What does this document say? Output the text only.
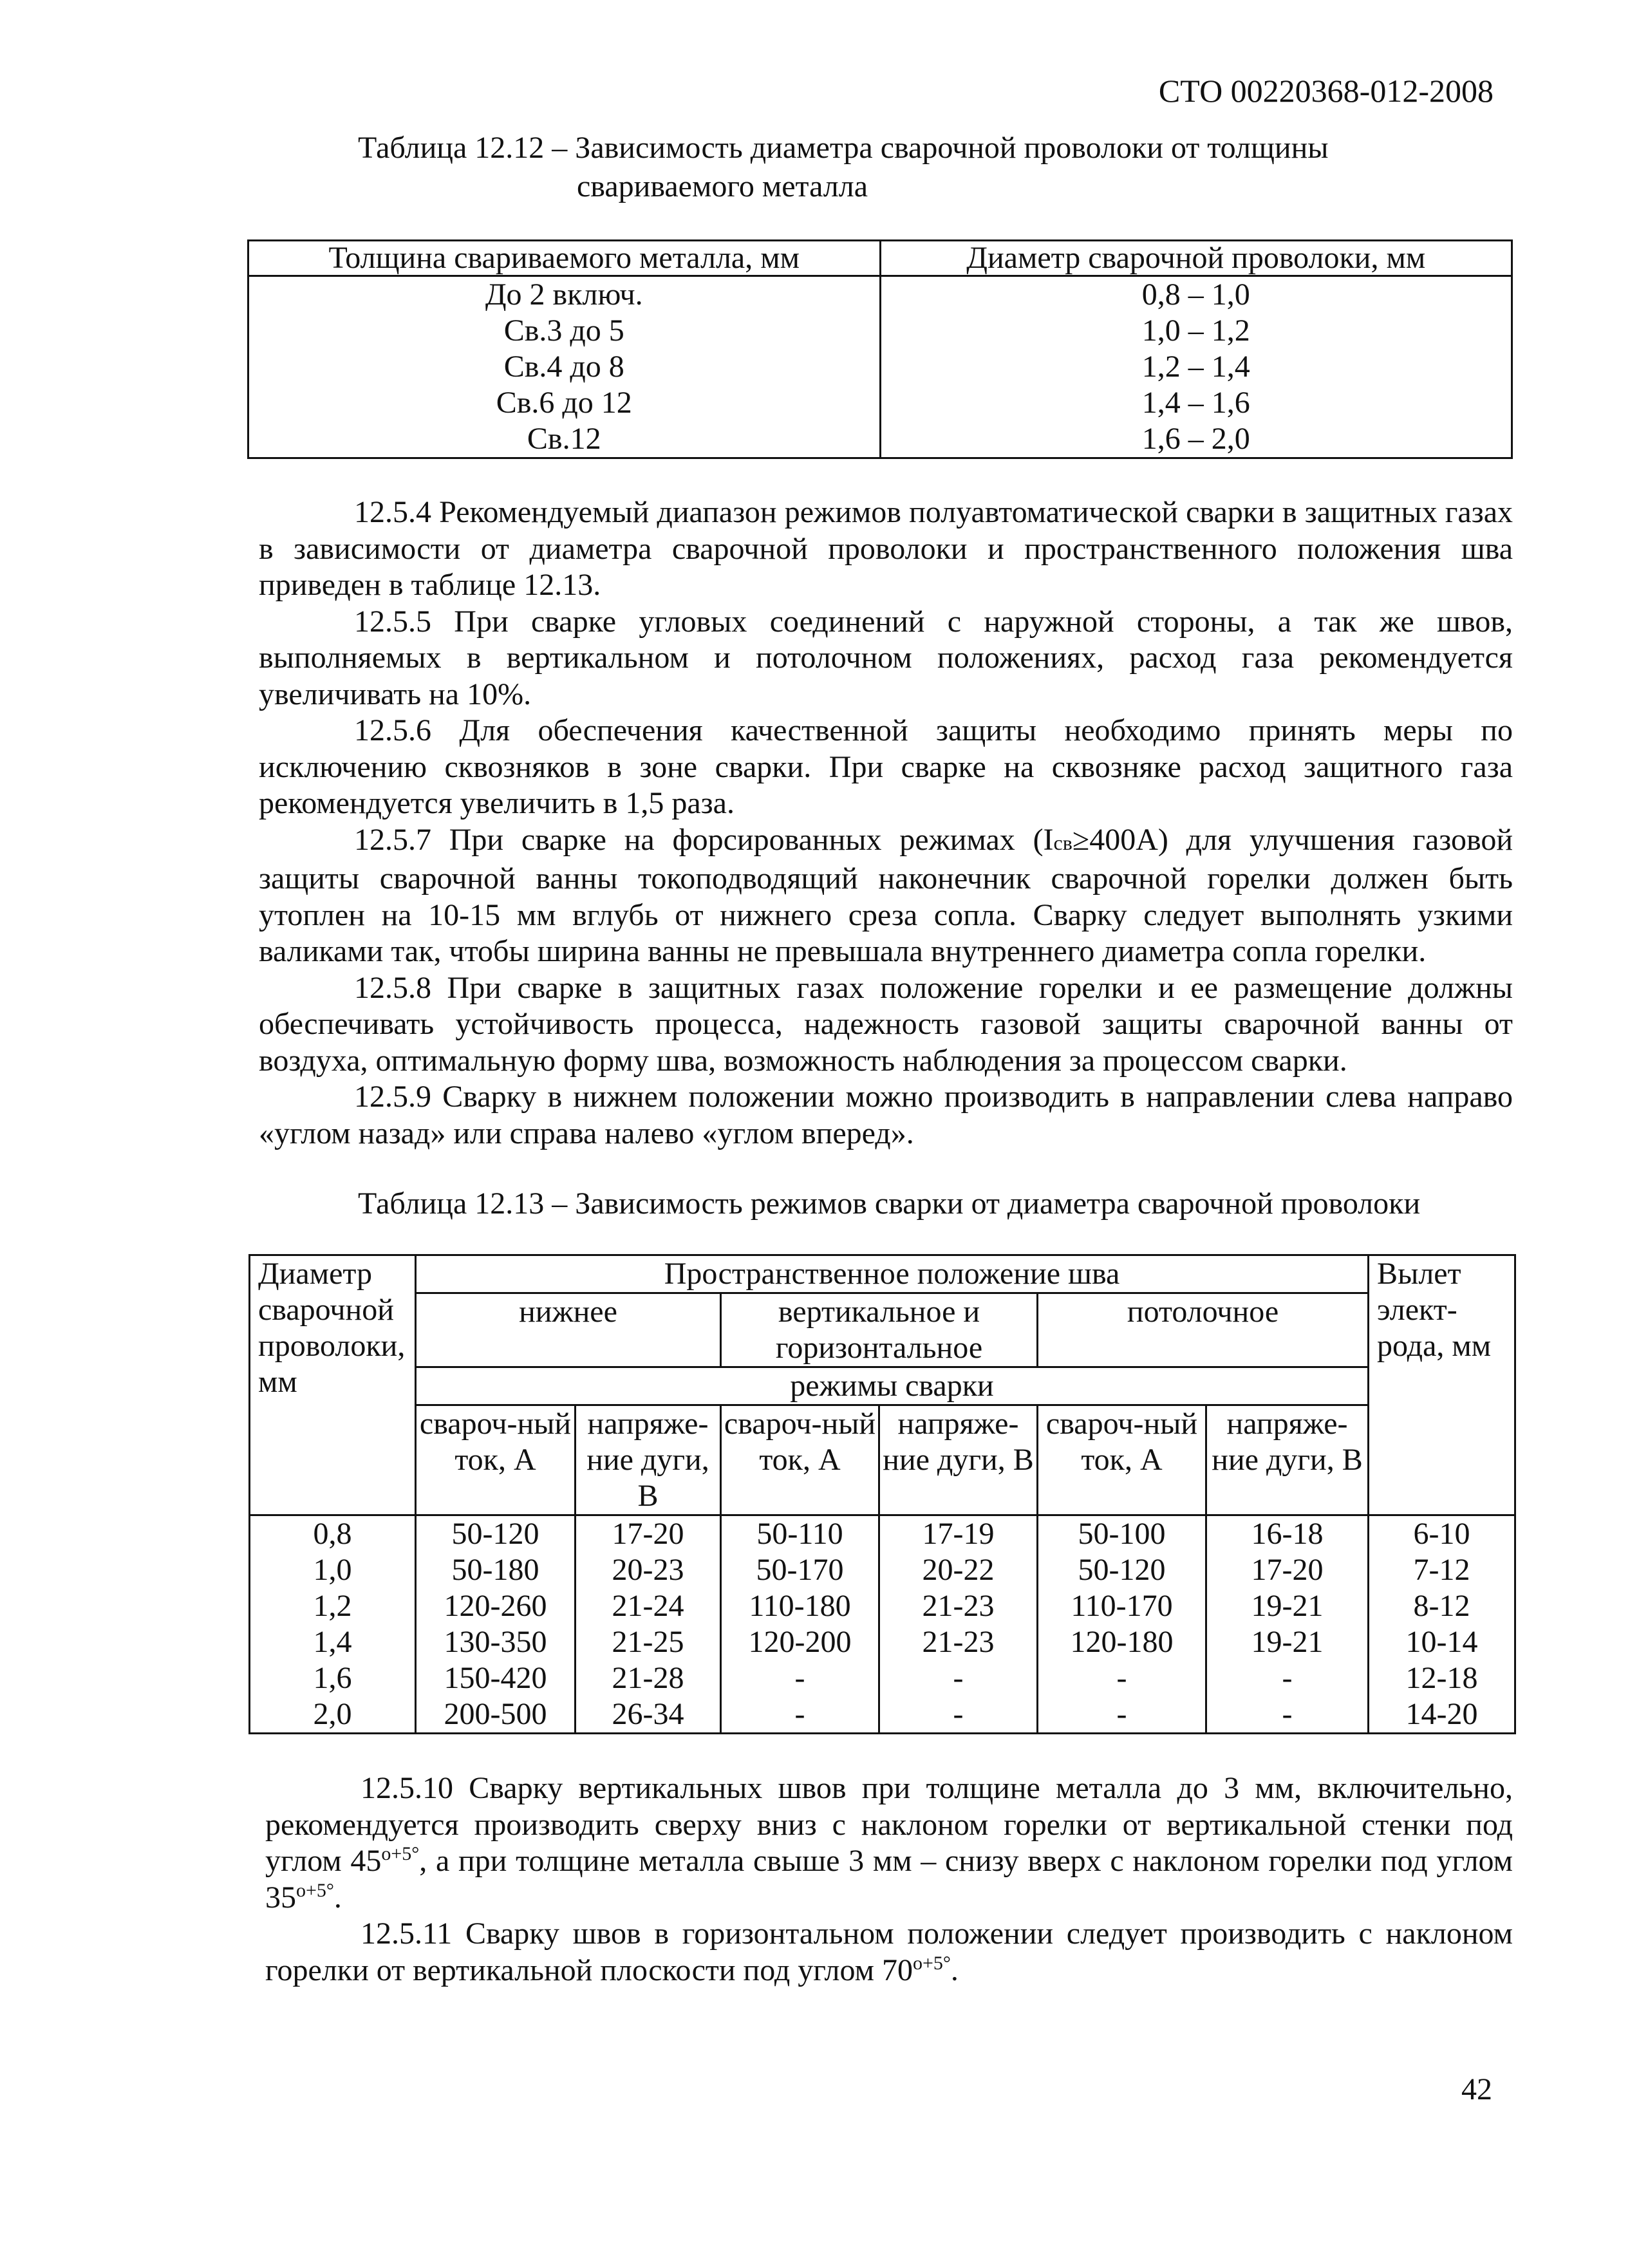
СТО 00220368-012-2008
Таблица 12.12 – Зависимость диаметра сварочной проволоки от толщины
свариваемого металла
Толщина свариваемого металла, мм	Диаметр сварочной проволоки, мм
До 2 включ.	0,8 – 1,0
Св.3 до 5	1,0 – 1,2
Св.4 до 8	1,2 – 1,4
Св.6 до 12	1,4 – 1,6
Св.12	1,6 – 2,0

12.5.4 Рекомендуемый диапазон режимов полуавтоматической сварки в защитных газах в зависимости от диаметра сварочной проволоки и пространственного положения шва приведен в таблице 12.13.

12.5.5 При сварке угловых соединений с наружной стороны, а так же швов, выполняемых в вертикальном и потолочном положениях, расход газа рекомендуется увеличивать на 10%.

12.5.6 Для обеспечения качественной защиты необходимо принять меры по исключению сквозняков в зоне сварки. При сварке на сквозняке расход защитного газа рекомендуется увеличить в 1,5 раза.

12.5.7 При сварке на форсированных режимах (Iсв≥400А) для улучшения газовой защиты сварочной ванны токоподводящий наконечник сварочной горелки должен быть утоплен на 10-15 мм вглубь от нижнего среза сопла. Сварку следует выполнять узкими валиками так, чтобы ширина ванны не превышала внутреннего диаметра сопла горелки.

12.5.8 При сварке в защитных газах положение горелки и ее размещение должны обеспечивать устойчивость процесса, надежность газовой защиты сварочной ванны от воздуха, оптимальную форму шва, возможность наблюдения за процессом сварки.

12.5.9 Сварку в нижнем положении можно производить в направлении слева направо «углом назад» или справа налево «углом вперед».

Таблица 12.13 – Зависимость режимов сварки от диаметра сварочной проволоки
Диаметр сварочной проволоки, мм	Пространственное положение шва						Вылет элект-рода, мм
	нижнее		вертикальное и горизонтальное		потолочное		
	режимы сварки						
	свароч-ный ток, А	напряже-ние дуги, В	свароч-ный ток, А	напряже-ние дуги, В	свароч-ный ток, А	напряже-ние дуги, В	
0,8	50-120	17-20	50-110	17-19	50-100	16-18	6-10
1,0	50-180	20-23	50-170	20-22	50-120	17-20	7-12
1,2	120-260	21-24	110-180	21-23	110-170	19-21	8-12
1,4	130-350	21-25	120-200	21-23	120-180	19-21	10-14
1,6	150-420	21-28	-	-	-	-	12-18
2,0	200-500	26-34	-	-	-	-	14-20

12.5.10 Сварку вертикальных швов при толщине металла до 3 мм, включительно, рекомендуется производить сверху вниз с наклоном горелки от вертикальной стенки под углом $45^{о+5^\circ}$, а при толщине металла свыше 3 мм – снизу вверх с наклоном горелки под углом $35^{о+5^\circ}$.

12.5.11 Сварку швов в горизонтальном положении следует производить с наклоном горелки от вертикальной плоскости под углом $70^{о+5^\circ}$.

42
